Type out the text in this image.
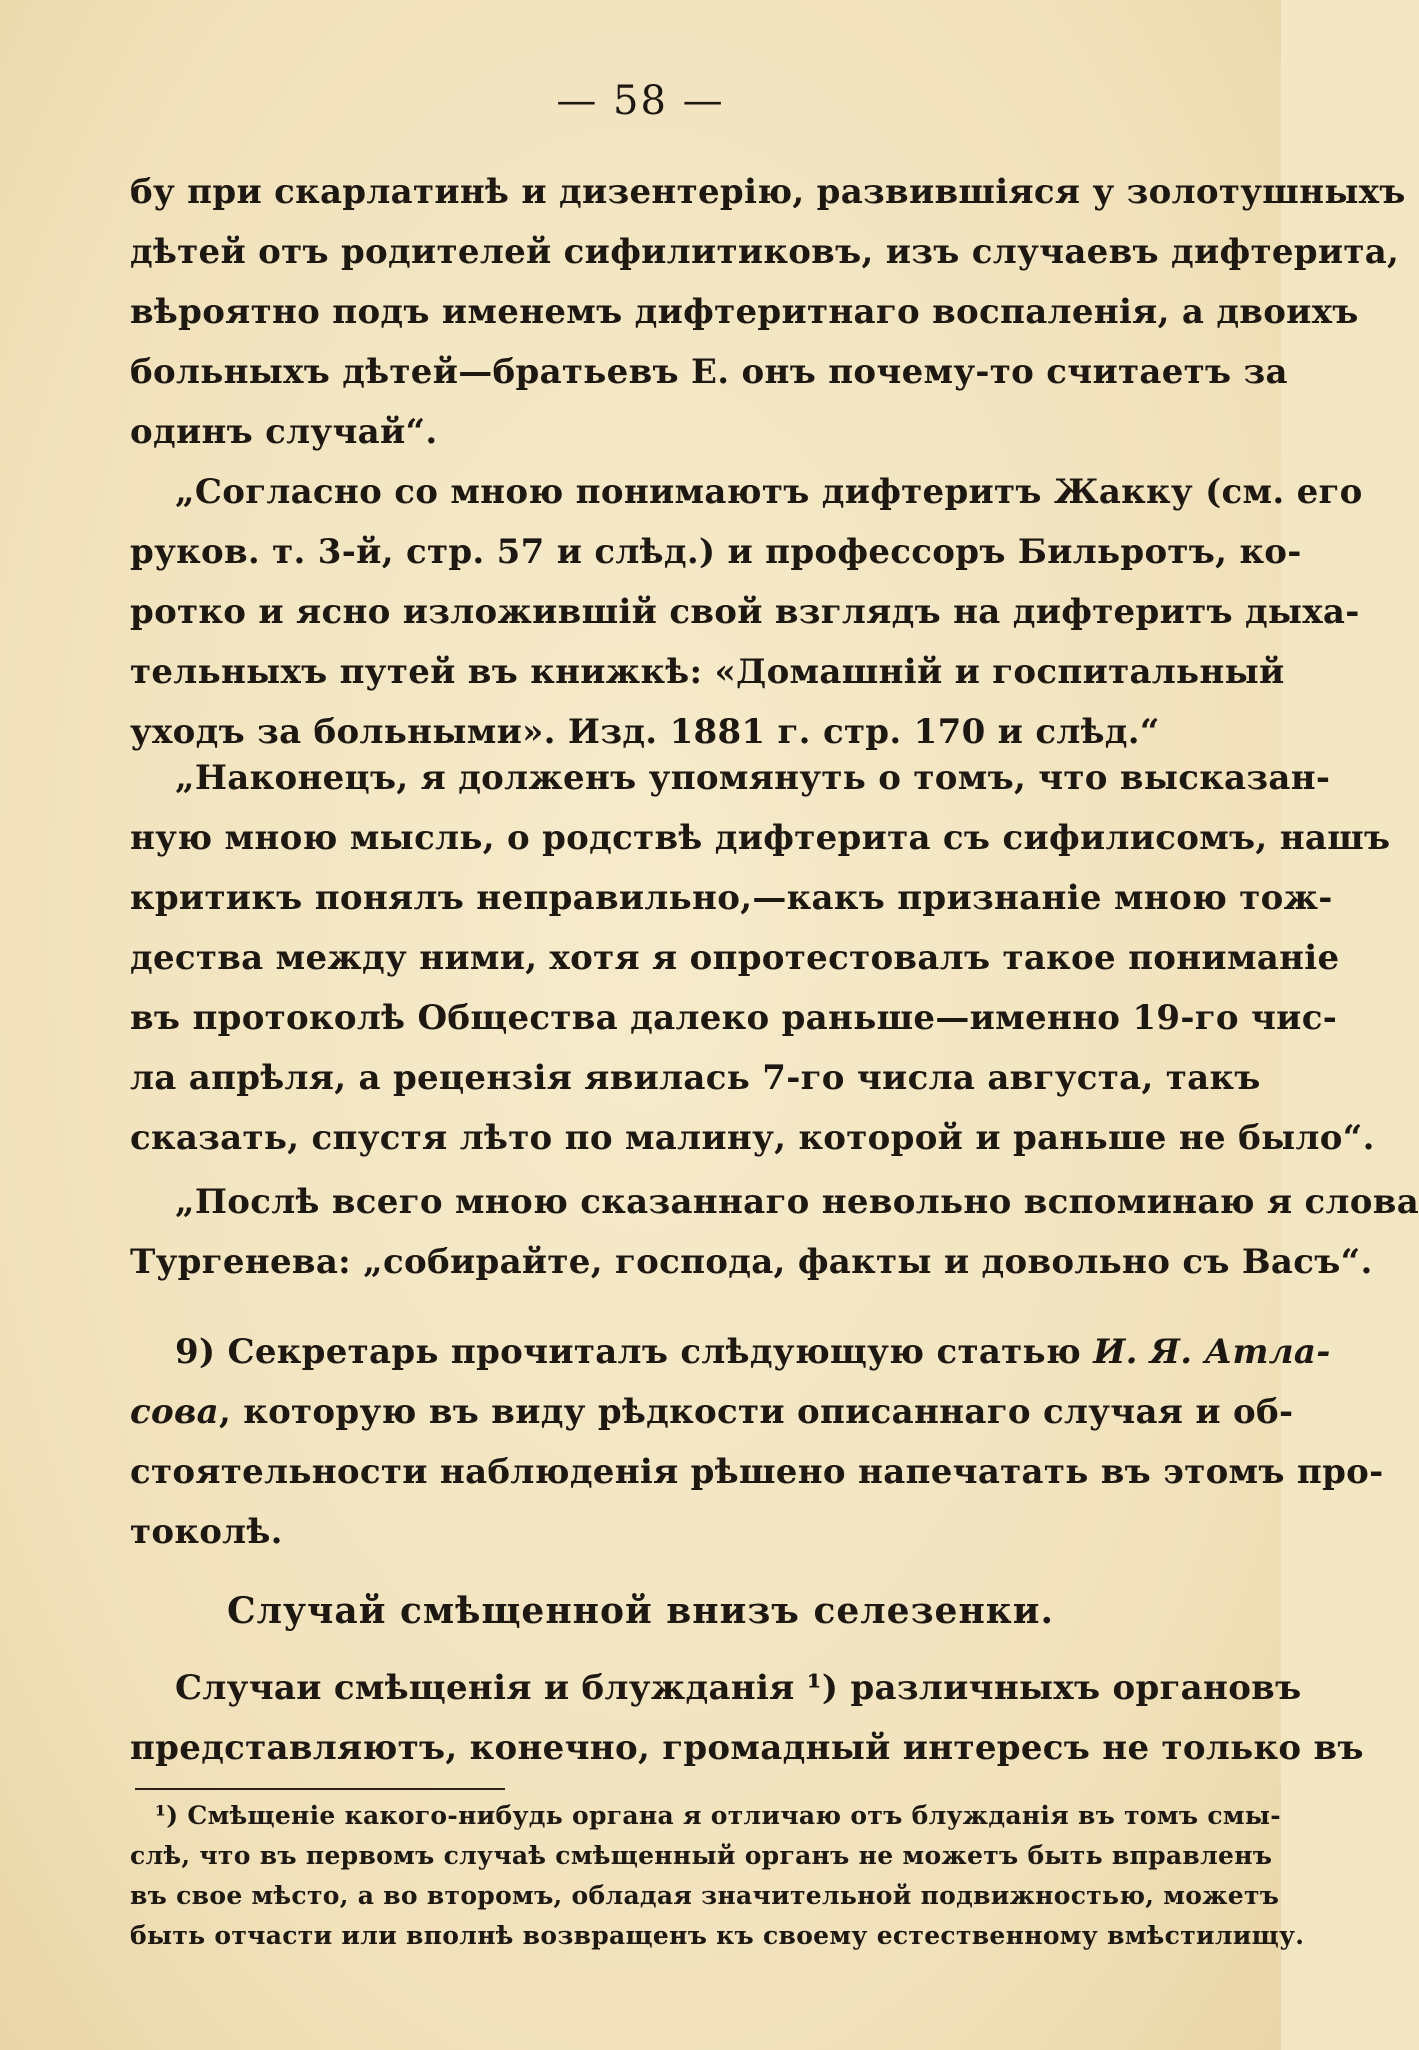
— 58 —
бу при скарлатинѣ и дизентерію, развившіяся у золотушныхъ
дѣтей отъ родителей сифилитиковъ, изъ случаевъ дифтерита,
вѣроятно подъ именемъ дифтеритнаго воспаленія, а двоихъ
больныхъ дѣтей—братьевъ Е. онъ почему-то считаетъ за
одинъ случай“.
„Согласно со мною понимаютъ дифтеритъ Жакку (см. его
руков. т. 3-й, стр. 57 и слѣд.) и профессоръ Бильротъ, ко-
ротко и ясно изложившій свой взглядъ на дифтеритъ дыха-
тельныхъ путей въ книжкѣ: «Домашній и госпитальный
уходъ за больными». Изд. 1881 г. стр. 170 и слѣд.“
„Наконецъ, я долженъ упомянуть о томъ, что высказан-
ную мною мысль, о родствѣ дифтерита съ сифилисомъ, нашъ
критикъ понялъ неправильно,—какъ признаніе мною тож-
дества между ними, хотя я опротестовалъ такое пониманіе
въ протоколѣ Общества далеко раньше—именно 19-го чис-
ла апрѣля, а рецензія явилась 7-го числа августа, такъ
сказать, спустя лѣто по малину, которой и раньше не было“.
„Послѣ всего мною сказаннаго невольно вспоминаю я слова
Тургенева: „собирайте, господа, факты и довольно съ Васъ“.
9) Секретарь прочиталъ слѣдующую статью И. Я. Атла-
сова, которую въ виду рѣдкости описаннаго случая и об-
стоятельности наблюденія рѣшено напечатать въ этомъ про-
токолѣ.
Случай смѣщенной внизъ селезенки.
Случаи смѣщенія и блужданія ¹) различныхъ органовъ
представляютъ, конечно, громадный интересъ не только въ
¹) Смѣщеніе какого-нибудь органа я отличаю отъ блужданія въ томъ смы-
слѣ, что въ первомъ случаѣ смѣщенный органъ не можетъ быть вправленъ
въ свое мѣсто, а во второмъ, обладая значительной подвижностью, можетъ
быть отчасти или вполнѣ возвращенъ къ своему естественному вмѣстилищу.
